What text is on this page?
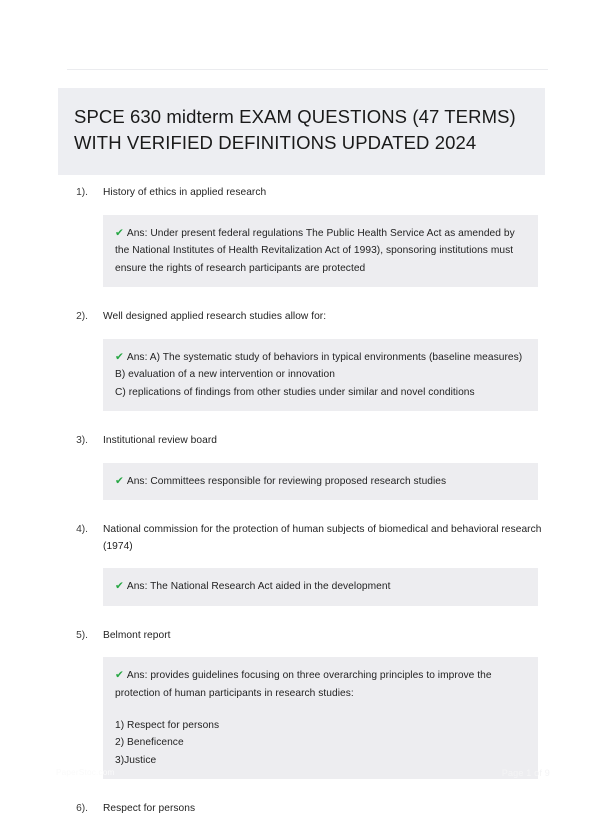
SPCE 630 midterm EXAM QUESTIONS (47 TERMS) WITH VERIFIED DEFINITIONS UPDATED 2024
1). History of ethics in applied research

✔ Ans: Under present federal regulations The Public Health Service Act as amended by the National Institutes of Health Revitalization Act of 1993), sponsoring institutions must ensure the rights of research participants are protected

2). Well designed applied research studies allow for:

✔ Ans: A) The systematic study of behaviors in typical environments (baseline measures)

B) evaluation of a new intervention or innovation

C) replications of findings from other studies under similar and novel conditions

3). Institutional review board

✔ Ans: Committees responsible for reviewing proposed research studies

4). National commission for the protection of human subjects of biomedical and behavioral research (1974)

✔ Ans: The National Research Act aided in the development

5). Belmont report

✔ Ans: provides guidelines focusing on three overarching principles to improve the protection of human participants in research studies:

1) Respect for persons

2) Beneficence

3)Justice

6). Respect for persons

PaperStoc.com	Page 1 of 9
